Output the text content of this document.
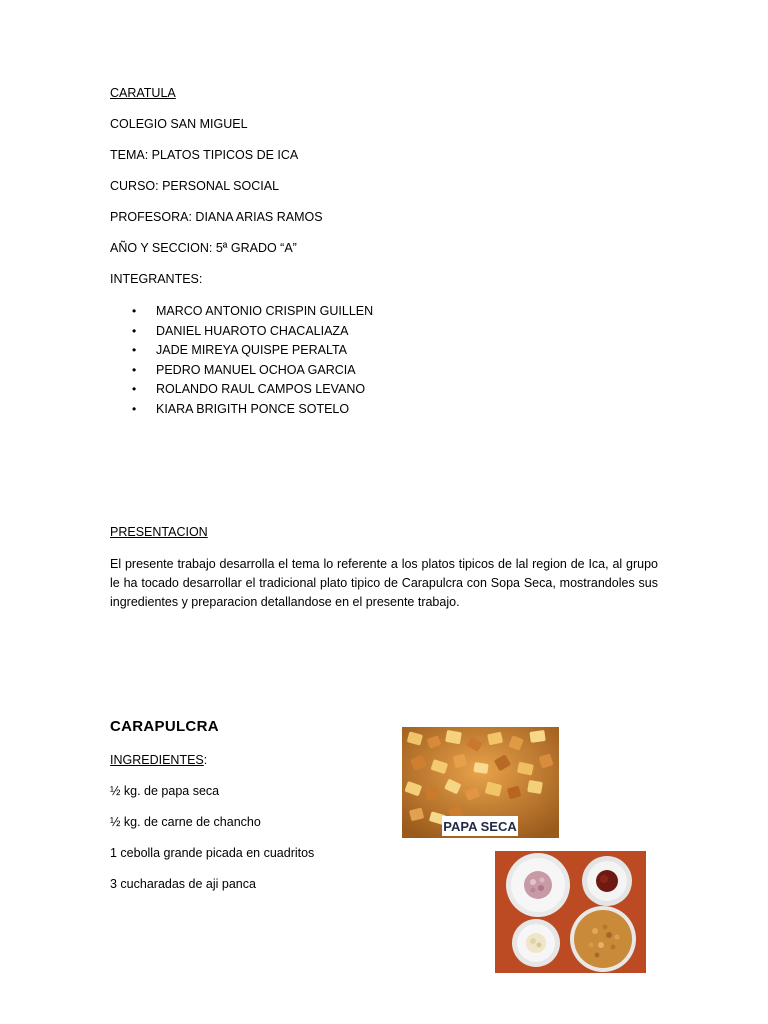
CARATULA
COLEGIO SAN MIGUEL
TEMA: PLATOS TIPICOS DE ICA
CURSO: PERSONAL SOCIAL
PROFESORA: DIANA ARIAS RAMOS
AÑO Y SECCION: 5ª GRADO “A”
INTEGRANTES:
• MARCO ANTONIO CRISPIN GUILLEN
• DANIEL HUAROTO CHACALIAZA
• JADE MIREYA QUISPE PERALTA
• PEDRO MANUEL OCHOA GARCIA
• ROLANDO RAUL CAMPOS LEVANO
• KIARA BRIGITH PONCE SOTELO
PRESENTACION
El presente trabajo desarrolla el tema lo referente a los platos tipicos de lal region de Ica, al grupo le ha tocado desarrollar el tradicional plato tipico de Carapulcra con Sopa Seca, mostrandoles sus ingredientes y preparacion detallandose en el presente trabajo.
CARAPULCRA
INGREDIENTES:
½ kg. de papa seca
½ kg. de carne de chancho
1 cebolla grande picada en cuadritos
3 cucharadas de aji panca
PAPA SECA
